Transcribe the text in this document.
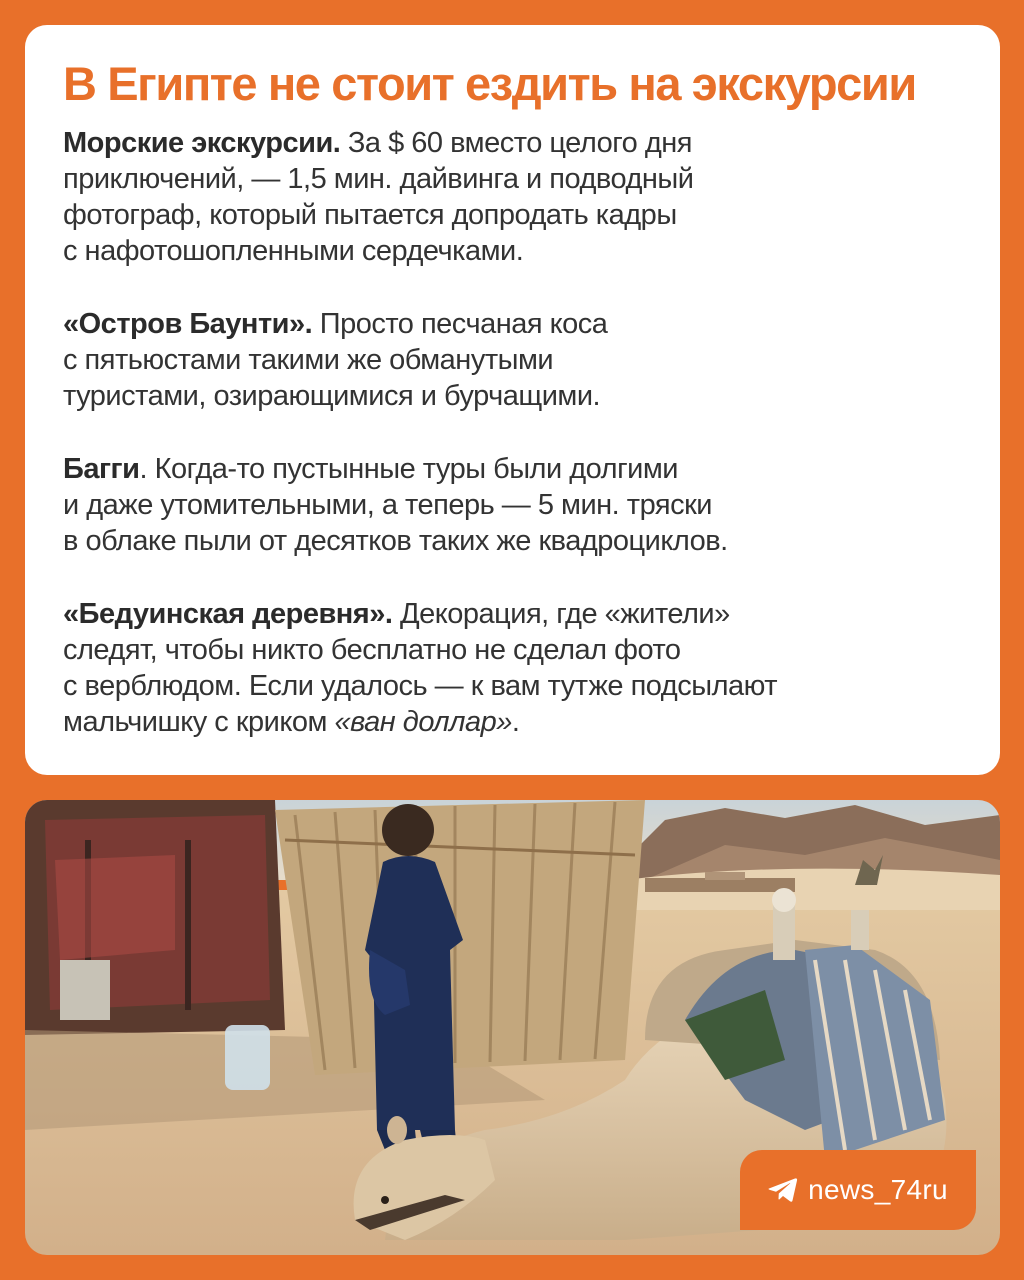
В Египте не стоит ездить на экскурсии
Морские экскурсии. За $ 60 вместо целого дня
приключений, — 1,5 мин. дайвинга и подводный
фотограф, который пытается допродать кадры
с нафотошопленными сердечками.
«Остров Баунти». Просто песчаная коса
с пятьюстами такими же обманутыми
туристами, озирающимися и бурчащими.
Багги. Когда-то пустынные туры были долгими
и даже утомительными, а теперь — 5 мин. тряски
в облаке пыли от десятков таких же квадроциклов.
«Бедуинская деревня». Декорация, где «жители»
следят, чтобы никто бесплатно не сделал фото
с верблюдом. Если удалось — к вам тутже подсылают
мальчишку с криком «ван доллар».
news_74ru
